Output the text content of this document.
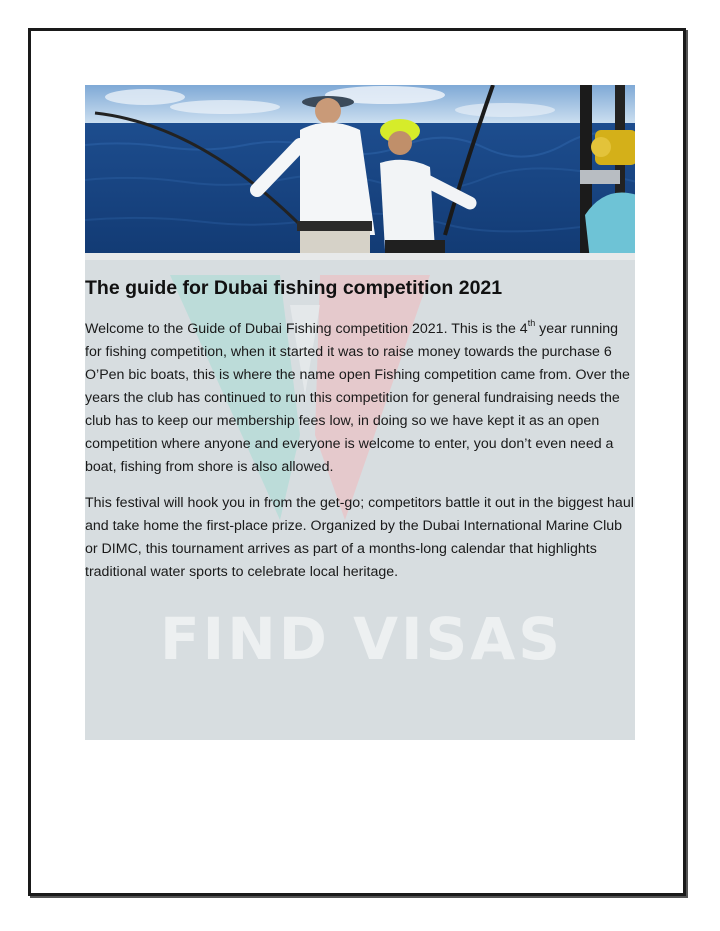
FIND VISAS
The guide for Dubai fishing competition 2021

Welcome to the Guide of Dubai Fishing competition 2021. This is the 4th year running for fishing competition, when it started it was to raise money towards the purchase 6 O’Pen bic boats, this is where the name open Fishing competition came from. Over the years the club has continued to run this competition for general fundraising needs the club has to keep our membership fees low, in doing so we have kept it as an open competition where anyone and everyone is welcome to enter, you don’t even need a boat, fishing from shore is also allowed.

This festival will hook you in from the get-go; competitors battle it out in the biggest haul and take home the first-place prize. Organized by the Dubai International Marine Club or DIMC, this tournament arrives as part of a months-long calendar that highlights traditional water sports to celebrate local heritage.
